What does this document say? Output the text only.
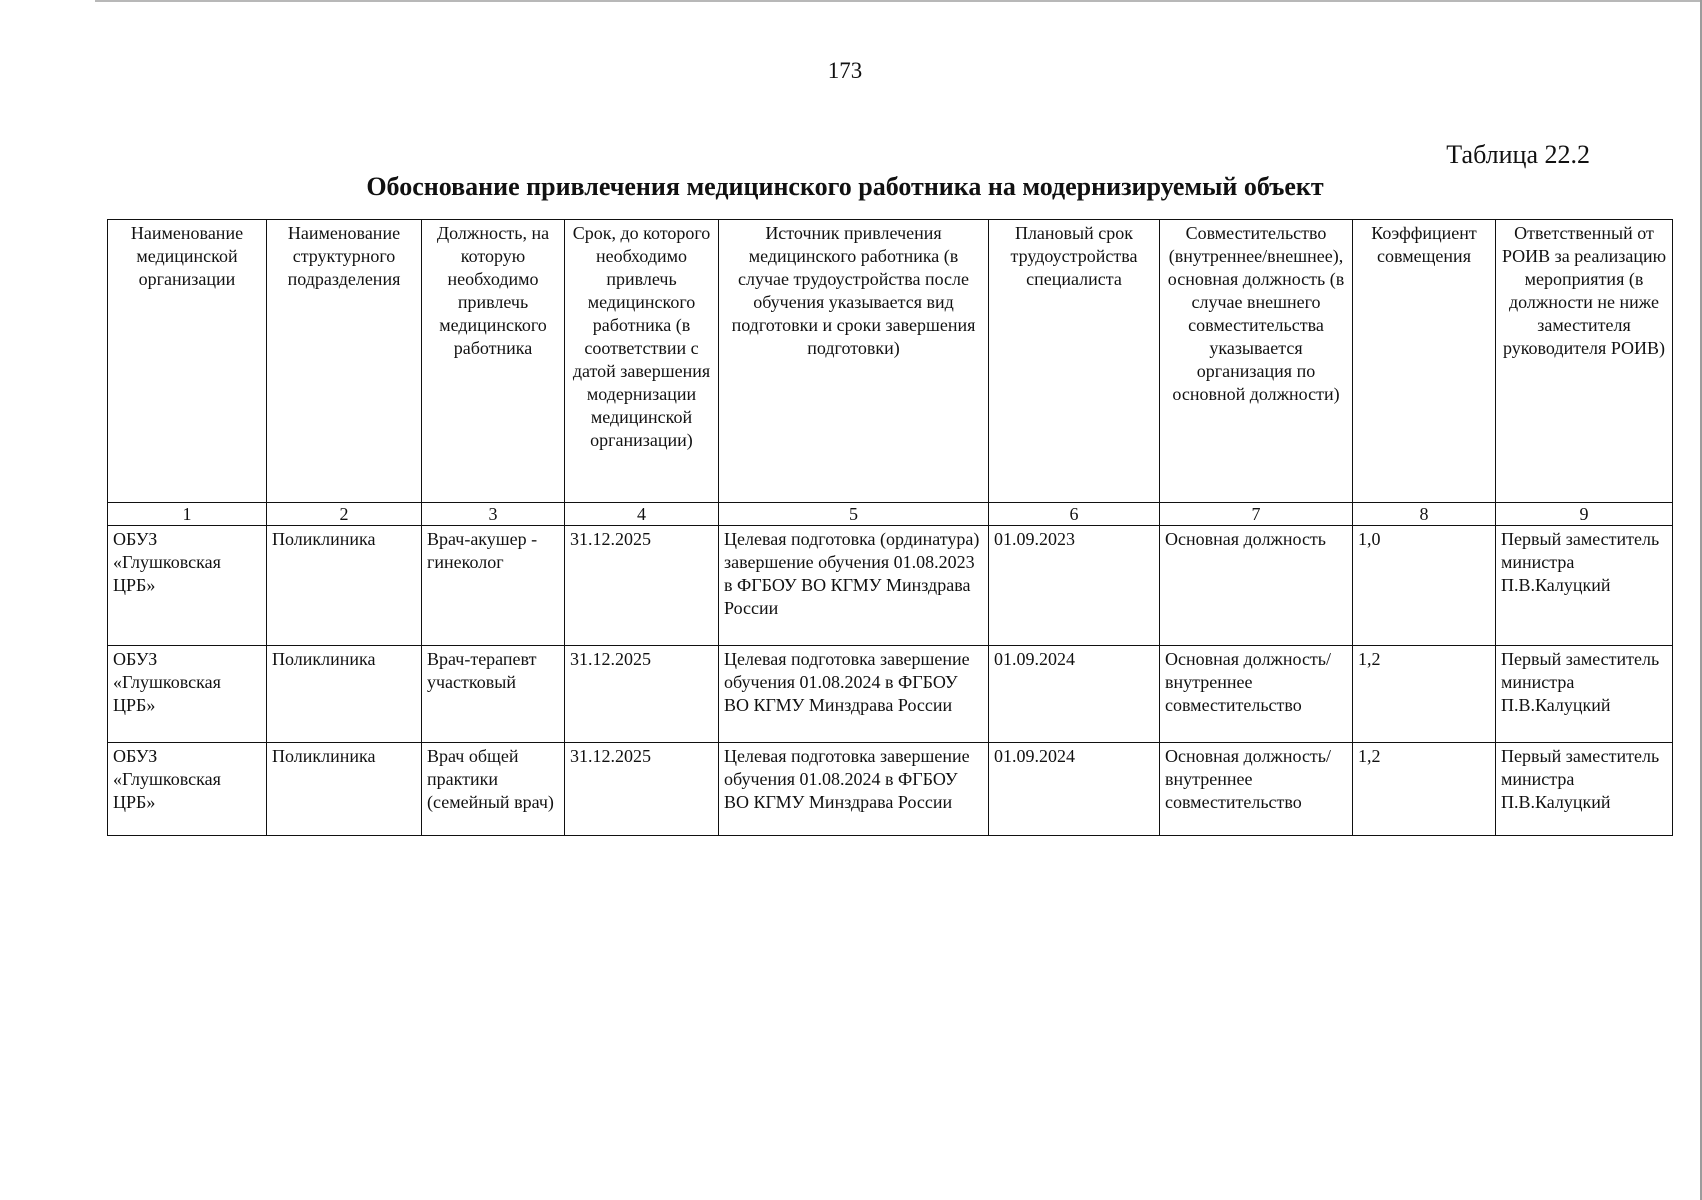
173
Таблица 22.2
Обоснование привлечения медицинского работника на модернизируемый объект
Наименование медицинской организации	Наименование структурного подразделения	Должность, на которую необходимо привлечь медицинского работника	Срок, до которого необходимо привлечь медицинского работника (в соответствии с датой завершения модернизации медицинской организации)	Источник привлечения медицинского работника (в случае трудоустройства после обучения указывается вид подготовки и сроки завершения подготовки)	Плановый срок трудоустройства специалиста	Совместительство (внутреннее/внешнее), основная должность (в случае внешнего совместительства указывается организация по основной должности)	Коэффициент совмещения	Ответственный от РОИВ за реализацию мероприятия (в должности не ниже заместителя руководителя РОИВ)
1	2	3	4	5	6	7	8	9
ОБУЗ «Глушковская ЦРБ»	Поликлиника	Врач-акушер - гинеколог	31.12.2025	Целевая подготовка (ординатура) завершение обучения 01.08.2023 в ФГБОУ ВО КГМУ Минздрава России	01.09.2023	Основная должность	1,0	Первый заместитель министра П.В.Калуцкий
ОБУЗ «Глушковская ЦРБ»	Поликлиника	Врач-терапевт участковый	31.12.2025	Целевая подготовка завершение обучения 01.08.2024 в ФГБОУ ВО КГМУ Минздрава России	01.09.2024	Основная должность/внутреннее совместительство	1,2	Первый заместитель министра П.В.Калуцкий
ОБУЗ «Глушковская ЦРБ»	Поликлиника	Врач общей практики (семейный врач)	31.12.2025	Целевая подготовка завершение обучения 01.08.2024 в ФГБОУ ВО КГМУ Минздрава России	01.09.2024	Основная должность/внутреннее совместительство	1,2	Первый заместитель министра П.В.Калуцкий
